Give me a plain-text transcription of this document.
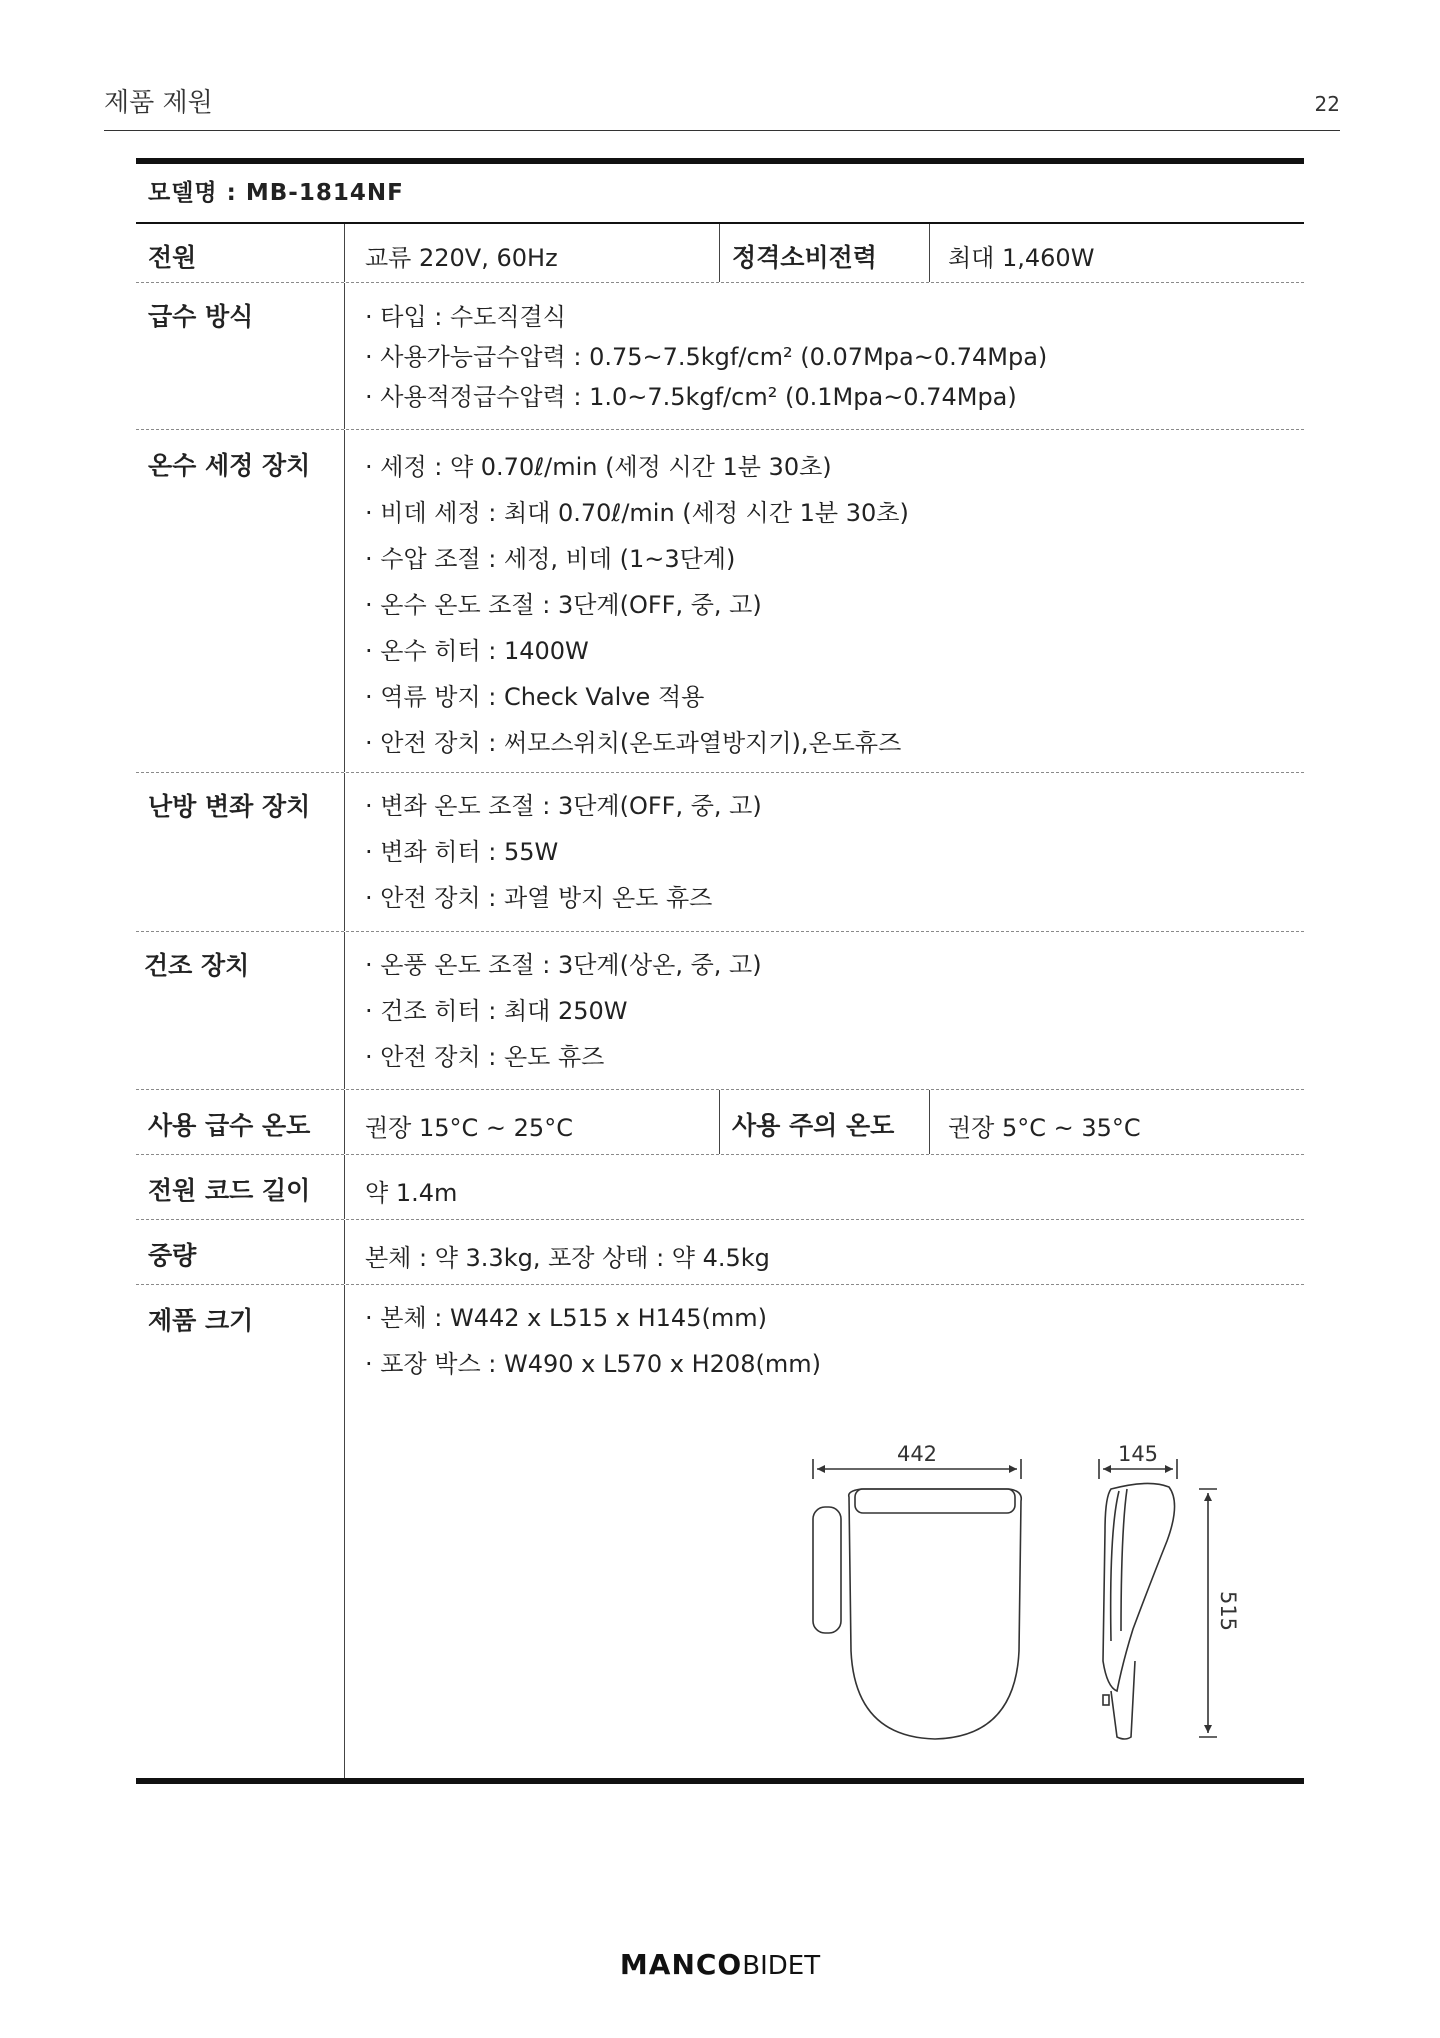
제품 제원	22
모델명 : MB-1814NF
전원	교류 220V, 60Hz	정격소비전력	최대 1,460W
급수 방식	· 타입 : 수도직결식
· 사용가능급수압력 : 0.75~7.5kgf/cm² (0.07Mpa~0.74Mpa)
· 사용적정급수압력 : 1.0~7.5kgf/cm² (0.1Mpa~0.74Mpa)
온수 세정 장치	· 세정 : 약 0.70ℓ/min (세정 시간 1분 30초)
· 비데 세정 : 최대 0.70ℓ/min (세정 시간 1분 30초)
· 수압 조절 : 세정, 비데 (1~3단계)
· 온수 온도 조절 : 3단계(OFF, 중, 고)
· 온수 히터 : 1400W
· 역류 방지 : Check Valve 적용
· 안전 장치 : 써모스위치(온도과열방지기),온도휴즈
난방 변좌 장치	· 변좌 온도 조절 : 3단계(OFF, 중, 고)
· 변좌 히터 : 55W
· 안전 장치 : 과열 방지 온도 휴즈
건조 장치	· 온풍 온도 조절 : 3단계(상온, 중, 고)
· 건조 히터 : 최대 250W
· 안전 장치 : 온도 휴즈
사용 급수 온도	권장 15°C ~ 25°C	사용 주의 온도	권장 5°C ~ 35°C
전원 코드 길이	약 1.4m
중량	본체 : 약 3.3kg, 포장 상태 : 약 4.5kg
제품 크기	· 본체 : W442 x L515 x H145(mm)
· 포장 박스 : W490 x L570 x H208(mm)
442	145
515
MANCOBIDET
